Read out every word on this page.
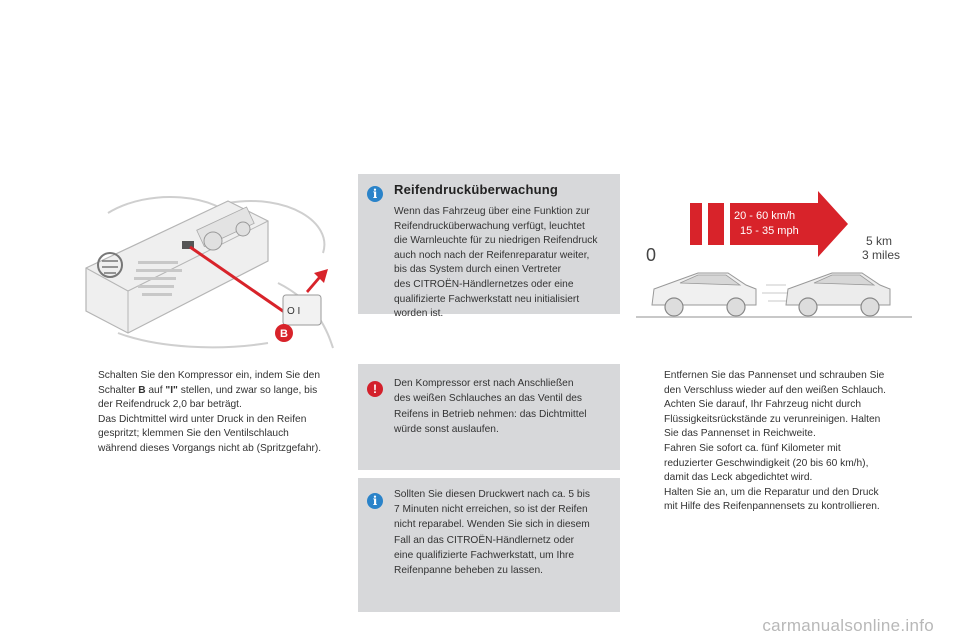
O I
B
i	Reifendrucküberwachung
Wenn das Fahrzeug über eine Funktion zur
Reifendrucküberwachung verfügt, leuchtet
die Warnleuchte für zu niedrigen Reifendruck
auch noch nach der Reifenreparatur weiter,
bis das System durch einen Vertreter
des CITROËN-Händlernetzes oder eine
qualifizierte Fachwerkstatt neu initialisiert
worden ist.
!	Den Kompressor erst nach Anschließen
des weißen Schlauches an das Ventil des
Reifens in Betrieb nehmen: das Dichtmittel
würde sonst auslaufen.
i	Sollten Sie diesen Druckwert nach ca. 5 bis
7 Minuten nicht erreichen, so ist der Reifen
nicht reparabel. Wenden Sie sich in diesem
Fall an das CITROËN-Händlernetz oder
eine qualifizierte Fachwerkstatt, um Ihre
Reifenpanne beheben zu lassen.
Schalten Sie den Kompressor ein, indem Sie den
Schalter B auf "I" stellen, und zwar so lange, bis
der Reifendruck 2,0 bar beträgt.
Das Dichtmittel wird unter Druck in den Reifen
gespritzt; klemmen Sie den Ventilschlauch
während dieses Vorgangs nicht ab (Spritzgefahr).
20 - 60 km/h
15 - 35 mph
5 km
3 miles
0
Entfernen Sie das Pannenset und schrauben Sie
den Verschluss wieder auf den weißen Schlauch.
Achten Sie darauf, Ihr Fahrzeug nicht durch
Flüssigkeitsrückstände zu verunreinigen. Halten
Sie das Pannenset in Reichweite.
Fahren Sie sofort ca. fünf Kilometer mit
reduzierter Geschwindigkeit (20 bis 60 km/h),
damit das Leck abgedichtet wird.
Halten Sie an, um die Reparatur und den Druck
mit Hilfe des Reifenpannensets zu kontrollieren.
carmanualsonline.info
